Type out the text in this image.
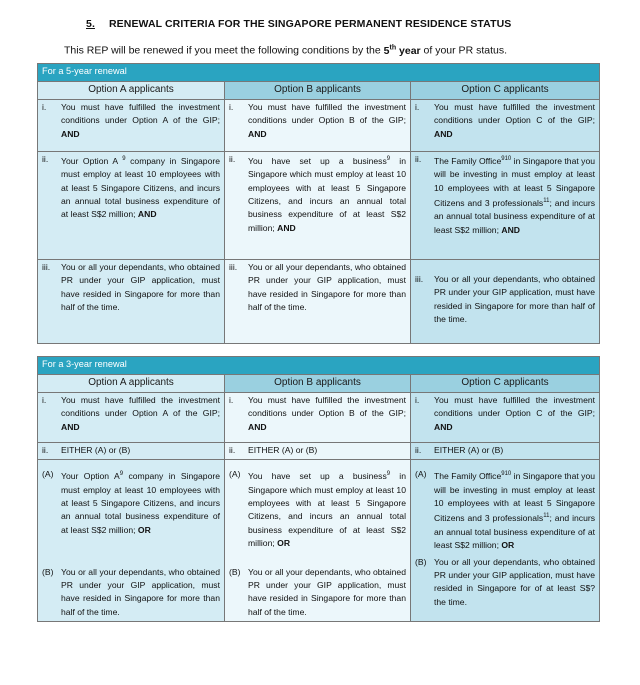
5. RENEWAL CRITERIA FOR THE SINGAPORE PERMANENT RESIDENCE STATUS
This REP will be renewed if you meet the following conditions by the 5th year of your PR status.
For a 5-year renewal		
Option A applicants	Option B applicants	Option C applicants

i. You must have fulfilled the investment conditions under Option A of the GIP; AND	i. You must have fulfilled the investment conditions under Option B of the GIP; AND	i. You must have fulfilled the investment conditions under Option C of the GIP; AND

ii. Your Option A $^9$ company in Singapore must employ at least 10 employees with at least 5 Singapore Citizens, and incurs an annual total business expenditure of at least S$2 million; AND	ii. You have set up a business$^9$ in Singapore which must employ at least 10 employees with at least 5 Singapore Citizens, and incurs an annual total business expenditure of at least S$2 million; AND	ii. The Family Office$^{910}$ in Singapore that you will be investing in must employ at least 10 employees with at least 5 Singapore Citizens and 3 professionals$^{11}$; and incurs an annual total business expenditure of at least S$2 million; AND

iii. You or all your dependants, who obtained PR under your GIP application, must have resided in Singapore for more than half of the time.	iii. You or all your dependants, who obtained PR under your GIP application, must have resided in Singapore for more than half of the time.	iii. You or all your dependants, who obtained PR under your GIP application, must have resided in Singapore for more than half of the time.
For a 3-year renewal		
Option A applicants	Option B applicants	Option C applicants

i. You must have fulfilled the investment conditions under Option A of the GIP; AND	i. You must have fulfilled the investment conditions under Option B of the GIP; AND	i. You must have fulfilled the investment conditions under Option C of the GIP; AND

ii. EITHER (A) or (B)	ii. EITHER (A) or (B)	ii. EITHER (A) or (B)

(A) Your Option $A^9$ company in Singapore must employ at least 10 employees with at least 5 Singapore Citizens, and incurs an annual total business expenditure of at least S$2 million; OR	(A) You have set up a business$^9$ in Singapore which must employ at least 10 employees with at least 5 Singapore Citizens, and incurs an annual total business expenditure of at least S$2 million; OR	(A) The Family Office$^{910}$ in Singapore that you will be investing in must employ at least 10 employees with at least 5 Singapore Citizens and 3 professionals$^{11}$; and incurs an annual total business expenditure of at least S$2 million; OR

(B) You or all your dependants, who obtained PR under your GIP application, must have resided in Singapore for more than half of the time.	(B) You or all your dependants, who obtained PR under your GIP application, must have resided in Singapore for more than half of the time.	(B) You or all your dependants, who obtained PR under your GIP application, must have resided in Singapore for of at least S$? the time.
